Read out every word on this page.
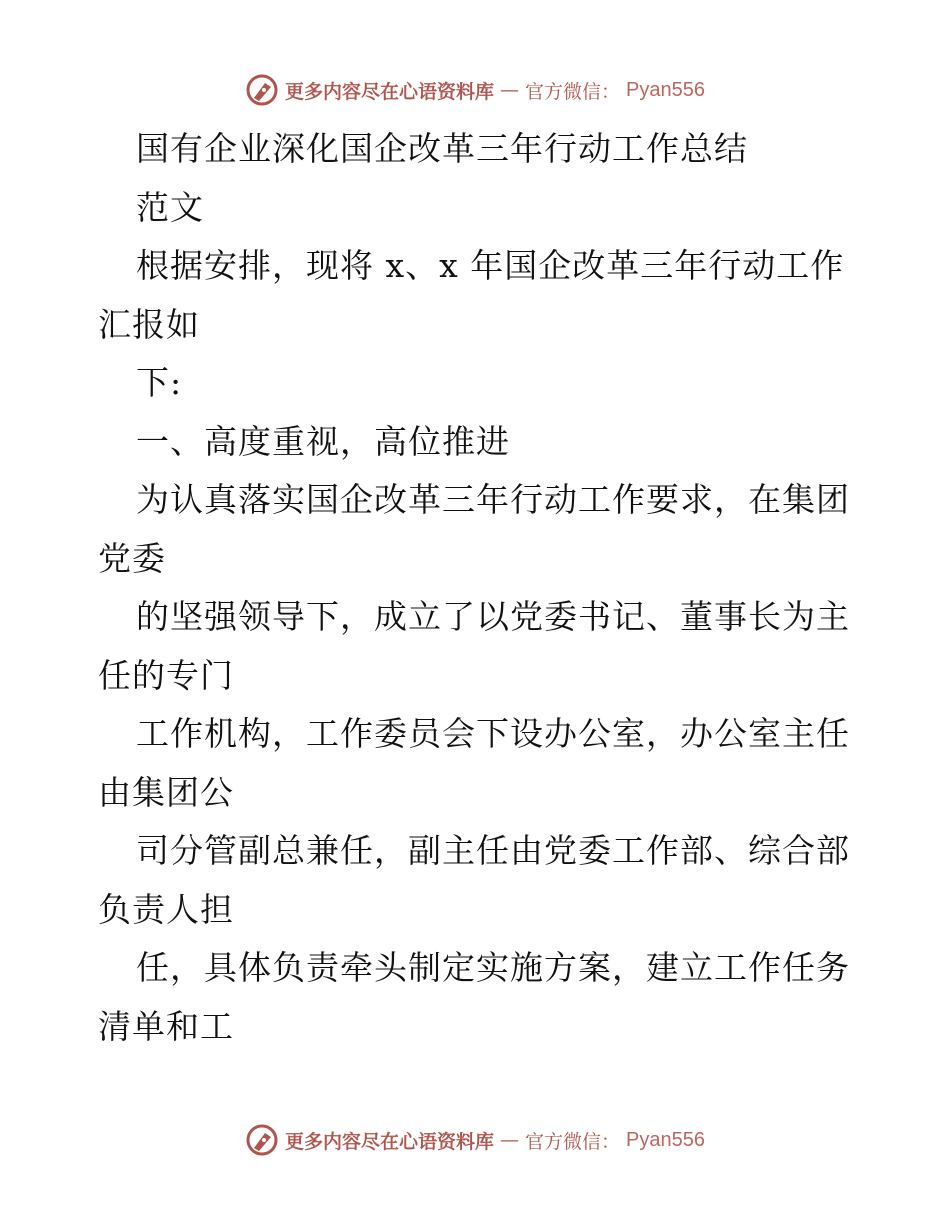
更多内容尽在心语资料库 — 官方微信： Pyan556
国有企业深化国企改革三年行动工作总结
范文
根据安排，现将 x、x 年国企改革三年行动工作
汇报如
下:
一、高度重视，高位推进
为认真落实国企改革三年行动工作要求，在集团
党委
的坚强领导下，成立了以党委书记、董事长为主
任的专门
工作机构，工作委员会下设办公室，办公室主任
由集团公
司分管副总兼任，副主任由党委工作部、综合部
负责人担
任，具体负责牵头制定实施方案，建立工作任务
清单和工
更多内容尽在心语资料库 — 官方微信： Pyan556
